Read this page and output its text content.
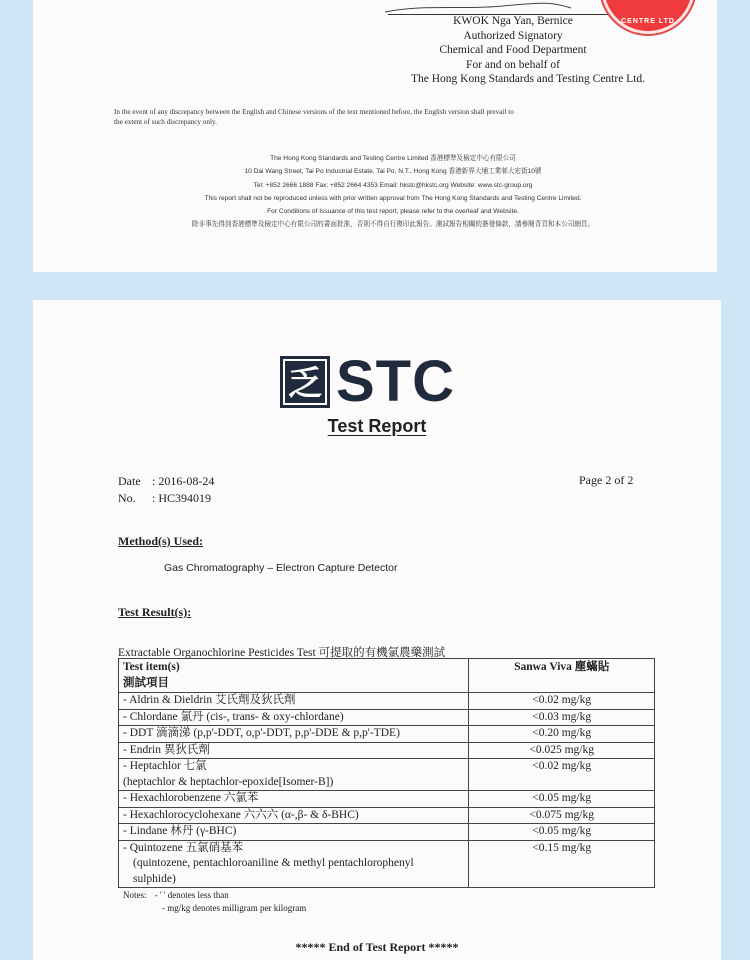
CENTRE LTD
KWOK Nga Yan, Bernice
Authorized Signatory
Chemical and Food Department
For and on behalf of
The Hong Kong Standards and Testing Centre Ltd.
In the event of any discrepancy between the English and Chinese versions of the text mentioned before, the English version shall prevail to
the extent of such discrepancy only.
The Hong Kong Standards and Testing Centre Limited 香港標準及檢定中心有限公司
10 Dai Wang Street, Tai Po Industrial Estate, Tai Po, N.T., Hong Kong 香港新界大埔工業邨大宏街10號
Tel: +852 2666 1888 Fax: +852 2664 4353 Email: hkstc@hkstc.org Website: www.stc-group.org
This report shall not be reproduced unless with prior written approval from The Hong Kong Standards and Testing Centre Limited.
For Conditions of Issuance of this test report, please refer to the overleaf and Website.
除非事先得到香港標準及檢定中心有限公司的書面批准，否則不得自行複印此報告。測試報告相關的簽發條款，請參閱背頁和本公司網頁。
乏 STC
Test Report
Date : 2016-08-24
No. : HC394019
Page 2 of 2
Method(s) Used:
Gas Chromatography – Electron Capture Detector
Test Result(s):
Extractable Organochlorine Pesticides Test 可提取的有機氯農藥測試
Test item(s)
測試項目	Sanwa Viva 塵蟎貼
- Aldrin & Dieldrin 艾氏劑及狄氏劑	<0.02 mg/kg
- Chlordane 氯丹 (cis-, trans- & oxy-chlordane)	<0.03 mg/kg
- DDT 滴滴涕 (p,p'-DDT, o,p'-DDT, p,p'-DDE & p,p'-TDE)	<0.20 mg/kg
- Endrin 異狄氏劑	<0.025 mg/kg

- Heptachlor 七氯
(heptachlor & heptachlor-epoxide[Isomer-B])	<0.02 mg/kg
- Hexachlorobenzene 六氯苯	<0.05 mg/kg
- Hexachlorocyclohexane 六六六 (α-,β- & δ-BHC)	<0.075 mg/kg
- Lindane 林丹 (γ-BHC)	<0.05 mg/kg

- Quintozene 五氯硝基苯
(quintozene, pentachloroaniline & methyl pentachlorophenyl
sulphide)	<0.15 mg/kg
Notes: - ' ' denotes less than
- mg/kg denotes milligram per kilogram
***** End of Test Report *****
